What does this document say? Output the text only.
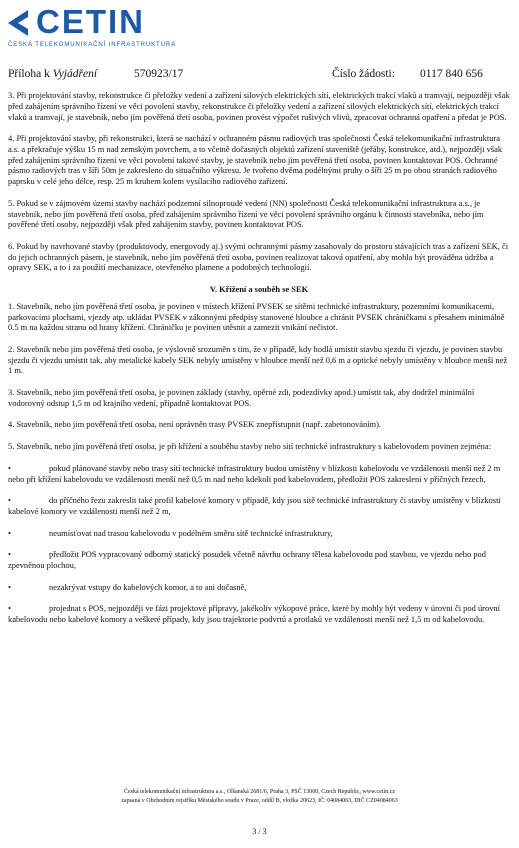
CETIN
ČESKÁ TELEKOMUNIKAČNÍ INFRASTRUKTURA
Příloha k Vyjádření	570923/17	Číslo žádosti: 0117 840 656

3. Při projektování stavby, rekonstrukce či přeložky vedení a zařízení silových elektrických sítí, elektrických trakcí vlaků a tramvají, nejpozději však před zahájením správního řízení ve věci povolení stavby, rekonstrukce či přeložky vedení a zařízení silových elektrických sítí, elektrických trakcí vlaků a tramvají, je stavebník, nebo jím pověřená třetí osoba, povinen provést výpočet rušivých vlivů, zpracovat ochranná opatření a předat je POS.

4. Při projektování stavby, při rekonstrukci, která se nachází v ochranném pásmu radiových tras společnosti Česká telekomunikační infrastruktura a.s. a překračuje výšku 15 m nad zemským povrchem, a to včetně dočasných objektů zařízení staveniště (jeřáby, konstrukce, atd.), nejpozději však před zahájením správního řízení ve věci povolení takové stavby, je stavebník nebo jím pověřená třetí osoba, povinen kontaktovat POS. Ochranné pásmo radiových tras v šíři 50m je zakresleno do situačního výkresu. Je tvořeno dvěma podélnými pruhy o šíři 25 m po obou stranách radiového paprsku v celé jeho délce, resp. 25 m kruhem kolem vysílacího radiového zařízení.

5. Pokud se v zájmovém území stavby nachází podzemní silnoproudé vedení (NN) společnosti Česká telekomunikační infrastruktura a.s., je stavebník, nebo jím pověřená třetí osoba, před zahájením správního řízení ve věci povolení správního orgánu k činnosti stavebníka, nebo jím pověřené třetí osoby, nejpozději však před zahájením stavby, povinen kontaktovat POS.

6. Pokud by navrhované stavby (produktovody, energovody aj.) svými ochrannými pásmy zasahovaly do prostoru stávajících tras a zařízení SEK, či do jejich ochranných pásem, je stavebník, nebo jím pověřená třetí osoba, povinen realizovat taková opatření, aby mohla být prováděna údržba a opravy SEK, a to i za použití mechanizace, otevřeného plamene a podobných technologií.

V. Křížení a souběh se SEK

1. Stavebník, nebo jím pověřená třetí osoba, je povinen v místech křížení PVSEK se sítěmi technické infrastruktury, pozemními komunikacemi, parkovacími plochami, vjezdy atp. ukládat PVSEK v zákonnými předpisy stanovené hloubce a chránit PVSEK chráničkami s přesahem minimálně 0.5 m na každou stranu od hrany křížení. Chráničku je povinen utěsnit a zamezit vnikání nečistot.

2. Stavebník nebo jím pověřená třetí osoba, je výslovně srozuměn s tím, že v případě, kdy hodlá umístit stavbu sjezdu či vjezdu, je povinen stavbu sjezdu či vjezdu umístit tak, aby metalické kabely SEK nebyly umístěny v hloubce menší než 0,6 m a optické nebyly umístěny v hloubce menší než 1 m.

3. Stavebník, nebo jím pověřená třetí osoba, je povinen základy (stavby, opěrné zdi, podezdívky apod.) umístit tak, aby dodržel minimální vodorovný odstup 1,5 m od krajního vedení, případně kontaktovat POS.

4. Stavebník, nebo jím pověřená třetí osoba, není oprávněn trasy PVSEK znepřístupnit (např. zabetonováním).

5. Stavebník, nebo jím pověřená třetí osoba, je při křížení a souběhu stavby nebo sítí technické infrastruktury s kabelovodem povinen zejména:

•	pokud plánované stavby nebo trasy sítí technické infrastruktury budou umístěny v blízkosti kabelovodu ve vzdálenosti menší než 2 m nebo při křížení kabelovodu ve vzdálenosti menší než 0,5 m nad nebo kdekoli pod kabelovodem, předložit POS zakreslení v příčných řezech,

•	do příčného řezu zakreslit také profil kabelové komory v případě, kdy jsou sítě technické infrastruktury či stavby umístěny v blízkosti kabelové komory ve vzdálenosti menší než 2 m,

•	neumísťovat nad trasou kabelovodu v podélném směru sítě technické infrastruktury,

•	předložit POS vypracovaný odborný statický posudek včetně návrhu ochrany tělesa kabelovodu pod stavbou, ve vjezdu nebo pod zpevněnou plochou,

•	nezakrývat vstupy do kabelových komor, a to ani dočasně,

•	projednat s POS, nejpozději ve fázi projektové přípravy, jakékoliv výkopové práce, které by mohly být vedeny v úrovni či pod úrovní kabelovodu nebo kabelové komory a veškeré případy, kdy jsou trajektorie podvrtů a protlaků ve vzdálenosti menší než 1,5 m od kabelovodu.

Česká telekomunikační infrastruktura a.s., Olšanská 2681/6, Praha 3, PSČ 13000, Czech Republic, www.cetin.cz
zapsaná v Obchodním rejstříku Městského soudu v Praze, oddíl B, vložka 20623, IČ: 04084063, DIČ CZ04084063
3 / 3
